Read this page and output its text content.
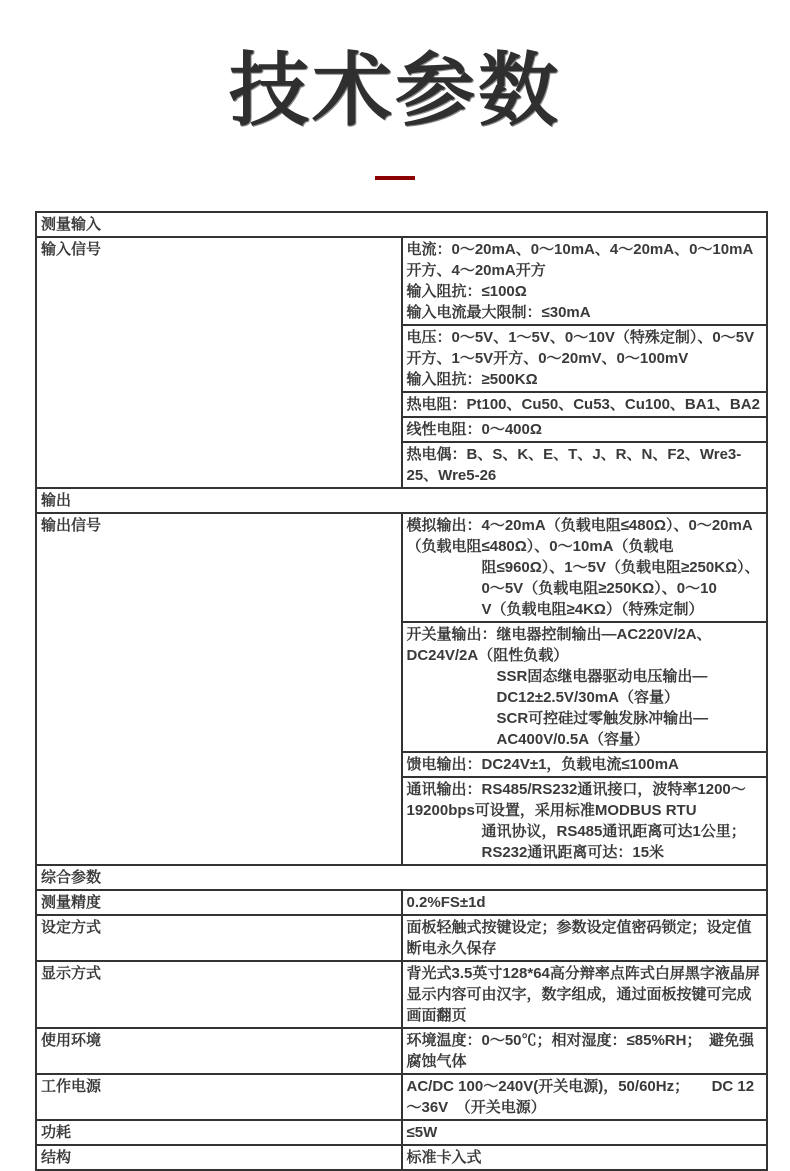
技术参数
测量输入	
输入信号	电流：0～20mA、0～10mA、4～20mA、0～10mA开方、4～20mA开方
输入阻抗：≤100Ω
输入电流最大限制：≤30mA

	电压：0～5V、1～5V、0～10V（特殊定制）、0～5V开方、1～5V开方、0～20mV、0～100mV
输入阻抗：≥500KΩ

	热电阻：Pt100、Cu50、Cu53、Cu100、BA1、BA2

	线性电阻：0～400Ω

	热电偶：B、S、K、E、T、J、R、N、F2、Wre3-25、Wre5-26

输出	
输出信号	模拟输出：4～20mA（负载电阻≤480Ω）、0～20mA（负载电阻≤480Ω）、0～10mA（负载电
阻≤960Ω）、1～5V（负载电阻≥250KΩ）、0～5V（负载电阻≥250KΩ）、0～10
V（负载电阻≥4KΩ）（特殊定制）

	开关量输出：继电器控制输出—AC220V/2A、DC24V/2A（阻性负载）
SSR固态继电器驱动电压输出—DC12±2.5V/30mA（容量）
SCR可控硅过零触发脉冲输出—AC400V/0.5A（容量）

	馈电输出：DC24V±1，负载电流≤100mA

	通讯输出：RS485/RS232通讯接口，波特率1200～19200bps可设置，采用标准MODBUS RTU
通讯协议，RS485通讯距离可达1公里；RS232通讯距离可达：15米

综合参数	
测量精度	0.2%FS±1d

设定方式	面板轻触式按键设定；参数设定值密码锁定；设定值断电永久保存

显示方式	背光式3.5英寸128*64高分辩率点阵式白屏黑字液晶屏
显示内容可由汉字，数字组成，通过面板按键可完成画面翻页

使用环境	环境温度：0～50℃；相对湿度：≤85%RH；　避免强腐蚀气体

工作电源	AC/DC 100～240V(开关电源)，50/60Hz；　　DC 12～36V　（开关电源）

功耗	≤5W

结构	标准卡入式
